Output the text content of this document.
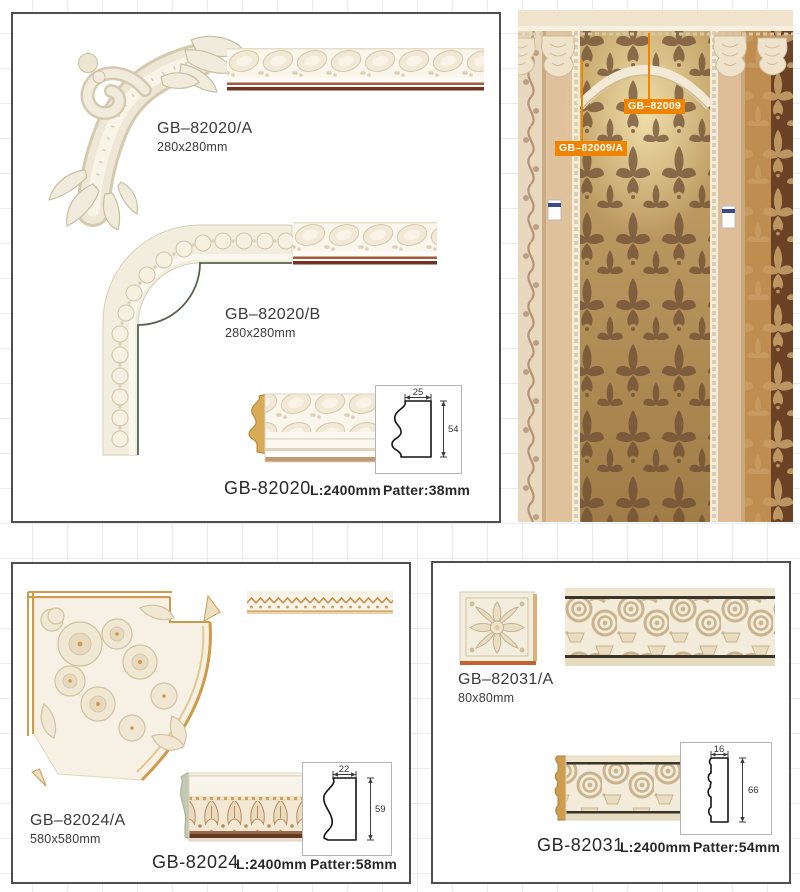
GB–82020/A
280x280mm
GB–82020/B
280x280mm
25
54
GB-82020 L:2400mm Patter:38mm
GB–82009
GB–82009/A
GB–82024/A
580x580mm
22
59
GB-82024
L:2400mm Patter:58mm
GB–82031/A
80x80mm
16
66
GB-82031
L:2400mm Patter:54mm
